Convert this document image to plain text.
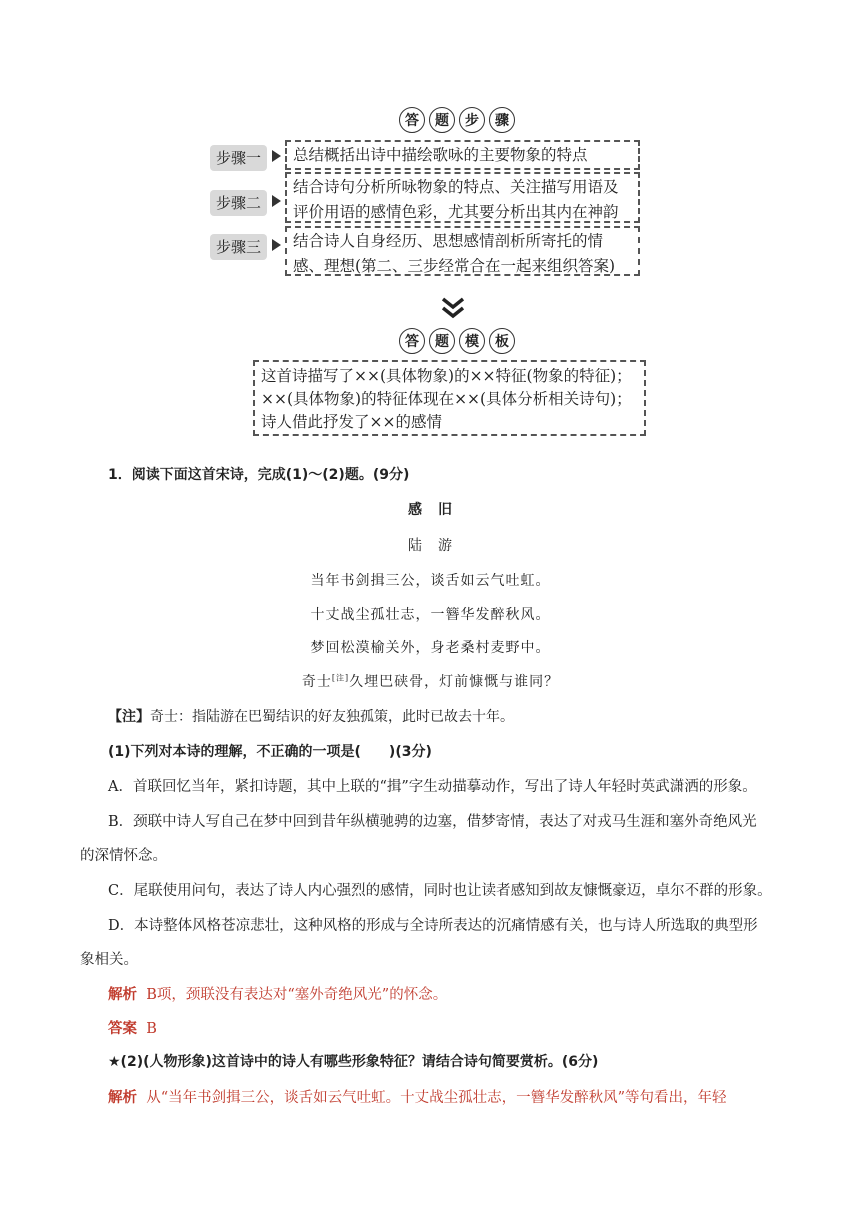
答	题	步	骤
步骤一	总结概括出诗中描绘歌咏的主要物象的特点
步骤二
结合诗句分析所咏物象的特点、关注描写用语及评价用语的感情色彩，尤其要分析出其内在神韵
步骤三	结合诗人自身经历、思想感情剖析所寄托的情感、理想(第二、三步经常合在一起来组织答案)
答	题	模	板
这首诗描写了××(具体物象)的××特征(物象的特征)；
××(具体物象)的特征体现在××(具体分析相关诗句)；
诗人借此抒发了××的感情
1．阅读下面这首宋诗，完成(1)～(2)题。(9分)
感　旧
陆　游
当年书剑揖三公，谈舌如云气吐虹。
十丈战尘孤壮志，一簪华发醉秋风。
梦回松漠榆关外，身老桑村麦野中。
奇士[注]久埋巴硖骨，灯前慷慨与谁同？
【注】奇士：指陆游在巴蜀结识的好友独孤策，此时已故去十年。
(1)下列对本诗的理解，不正确的一项是(　　)(3分)
A．首联回忆当年，紧扣诗题，其中上联的“揖”字生动描摹动作，写出了诗人年轻时英武潇洒的形象。
B．颈联中诗人写自己在梦中回到昔年纵横驰骋的边塞，借梦寄情，表达了对戎马生涯和塞外奇绝风光
的深情怀念。
C．尾联使用问句，表达了诗人内心强烈的感情，同时也让读者感知到故友慷慨豪迈，卓尔不群的形象。
D．本诗整体风格苍凉悲壮，这种风格的形成与全诗所表达的沉痛情感有关，也与诗人所选取的典型形
象相关。
解析 B项，颈联没有表达对“塞外奇绝风光”的怀念。
答案 B
★(2)(人物形象)这首诗中的诗人有哪些形象特征？请结合诗句简要赏析。(6分)
解析 从“当年书剑揖三公，谈舌如云气吐虹。十丈战尘孤壮志，一簪华发醉秋风”等句看出，年轻
